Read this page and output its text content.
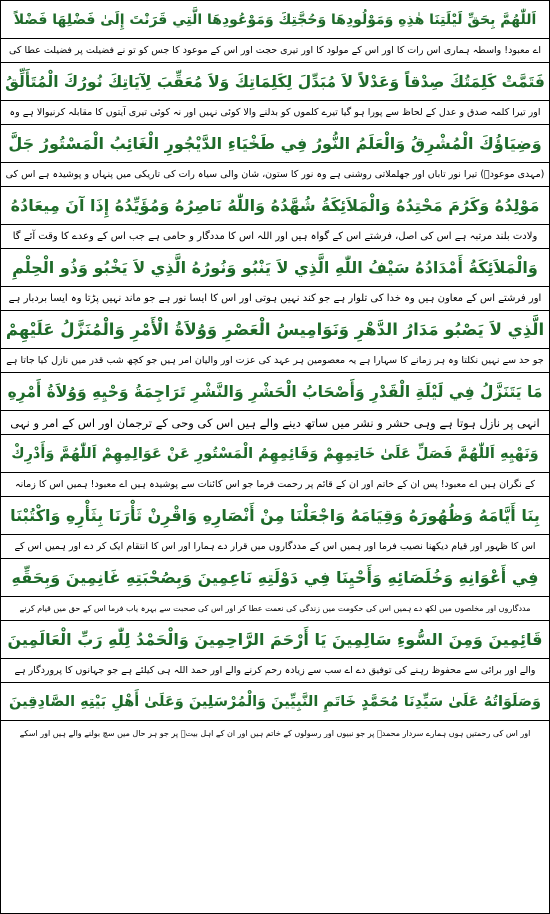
اَللّٰهُمَّ بِحَقِّ لَيْلَتِنَا هٰذِهِ وَمَوْلُودِهَا وَحُجَّتِكَ وَمَوْعُودِهَا الَّتِي قَرَنْتَ إِلَىٰ فَضْلِهَا فَضْلاً
اے معبود! واسطہ ہماری اس رات کا اور اس کے مولود کا اور تیری حجت اور اس کے موعود کا جس کو تو نے فضیلت پر فضیلت عطا کی
فَتَمَّتْ كَلِمَتُكَ صِدْقاً وَعَدْلاً لاَ مُبَدِّلَ لِكَلِمَاتِكَ وَلاَ مُعَقِّبَ لِآيَاتِكَ نُورُكَ الْمُتَأَلِّقُ
اور تیرا کلمہ صدق و عدل کے لحاظ سے پورا ہو گیا تیرے کلموں کو بدلنے والا کوئی نہیں اور نہ کوئی تیری آیتوں کا مقابلہ کرنیوالا ہے وہ
وَضِيَاؤُكَ الْمُشْرِقُ وَالْعَلَمُ النُّورُ فِي طَخْيَاءِ الدَّيْجُورِ الْغَائِبُ الْمَسْتُورُ جَلَّ
(مہدی موعودؑ) تیرا نور تاباں اور جھلملاتی روشنی ہے وہ نور کا ستون، شان والی سیاہ رات کی تاریکی میں پنہاں و پوشیدہ ہے اس کی
مَوْلِدُهُ وَكَرُمَ مَحْتِدُهُ وَالْمَلاَئِكَةُ شُهَّدُهُ وَاللّٰهُ نَاصِرُهُ وَمُؤَيِّدُهُ إِذَا آنَ مِيعَادُهُ
ولادت بلند مرتبہ ہے اس کی اصل، فرشتے اس کے گواہ ہیں اور اللہ اس کا مددگار و حامی ہے جب اس کے وعدے کا وقت آئے گا
وَالْمَلاَئِكَةُ أَمْدَادُهُ سَيْفُ اللّٰهِ الَّذِي لاَ يَنْبُو وَنُورُهُ الَّذِي لاَ يَخْبُو وَذُو الْحِلْمِ
اور فرشتے اس کے معاون ہیں وہ خدا کی تلوار ہے جو کند نہیں ہوتی اور اس کا ایسا نور ہے جو ماند نہیں پڑتا وہ ایسا بردبار ہے
الَّذِي لاَ يَصْبُو مَدَارُ الدَّهْرِ وَنَوَامِيسُ الْعَصْرِ وَوُلاَةُ الْأَمْرِ وَالْمُنَزَّلُ عَلَيْهِمْ
جو حد سے نہیں نکلتا وہ ہر زمانے کا سہارا ہے یہ معصومین ہر عہد کی عزت اور والیان امر ہیں جو کچھ شب قدر میں نازل کیا جاتا ہے
مَا يَتَنَزَّلُ فِي لَيْلَةِ الْقَدْرِ وَأَصْحَابُ الْحَشْرِ وَالنَّشْرِ تَرَاجِمَةُ وَحْيِهِ وَوُلاَةُ أَمْرِهِ
انہی پر نازل ہوتا ہے وہی حشر و نشر میں ساتھ دینے والے ہیں اس کی وحی کے ترجمان اور اس کے امر و نہی
وَنَهْيِهِ اَللّٰهُمَّ فَصَلِّ عَلَىٰ خَاتِمِهِمْ وَقَائِمِهِمُ الْمَسْتُورِ عَنْ عَوَالِمِهِمْ اَللّٰهُمَّ وَأَدْرِكْ
کے نگران ہیں اے معبود! پس ان کے خاتم اور ان کے قائم پر رحمت فرما جو اس کائنات سے پوشیدہ ہیں اے معبود! ہمیں اس کا زمانہ
بِنَا أَيَّامَهُ وَظُهُورَهُ وَقِيَامَهُ وَاجْعَلْنَا مِنْ أَنْصَارِهِ وَاقْرِنْ ثَأْرَنَا بِثَأْرِهِ وَاكْتُبْنَا
اس کا ظہور اور قیام دیکھنا نصیب فرما اور ہمیں اس کے مددگاروں میں قرار دے ہمارا اور اس کا انتقام ایک کر دے اور ہمیں اس کے
فِي أَعْوَانِهِ وَخُلَصَائِهِ وَأَحْيِنَا فِي دَوْلَتِهِ نَاعِمِينَ وَبِصُحْبَتِهِ غَانِمِينَ وَبِحَقِّهِ
مددگاروں اور مخلصوں میں لکھ دے ہمیں اس کی حکومت میں زندگی کی نعمت عطا کر اور اس کی صحبت سے بہرہ یاب فرما اس کے حق میں قیام کرنے
قَائِمِينَ وَمِنَ السُّوءِ سَالِمِينَ يَا أَرْحَمَ الرَّاحِمِينَ وَالْحَمْدُ لِلّٰهِ رَبِّ الْعَالَمِينَ
والے اور برائی سے محفوظ رہنے کی توفیق دے اے سب سے زیادہ رحم کرنے والے اور حمد اللہ ہی کیلئے ہے جو جہانوں کا پروردگار ہے
وَصَلَوَاتُهُ عَلَىٰ سَيِّدِنَا مُحَمَّدٍ خَاتَمِ النَّبِيِّينَ وَالْمُرْسَلِينَ وَعَلَىٰ أَهْلِ بَيْتِهِ الصَّادِقِينَ
اور اس کی رحمتیں ہوں ہمارے سردار محمدؐ پر جو نبیوں اور رسولوں کے خاتم ہیں اور ان کے اہل بیتؑ پر جو ہر حال میں سچ بولنے والے ہیں اور اسکے
